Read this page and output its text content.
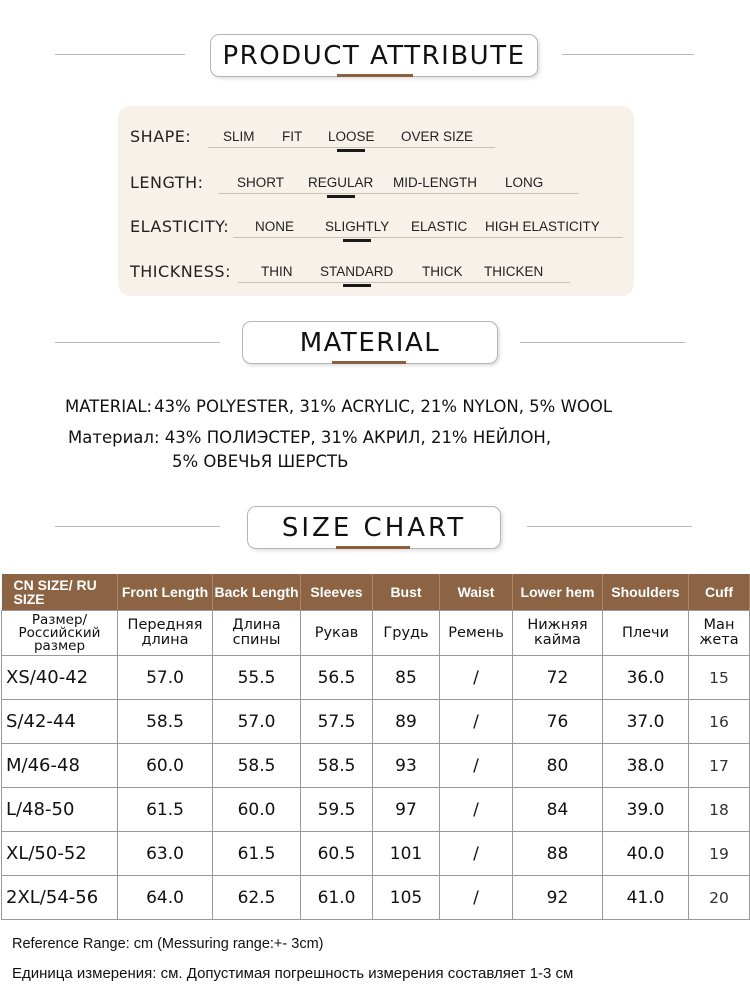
PRODUCT ATTRIBUTE
SHAPE: SLIM FIT LOOSE OVER SIZE
LENGTH: SHORT REGULAR MID-LENGTH LONG
ELASTICITY: NONE SLIGHTLY ELASTIC HIGH ELASTICITY
THICKNESS: THIN STANDARD THICK THICKEN
MATERIAL
MATERIAL: 43% POLYESTER, 31% ACRYLIC, 21% NYLON, 5% WOOL
Материал: 43% ПОЛИЭСТЕР, 31% АКРИЛ, 21% НЕЙЛОН,
5% ОВЕЧЬЯ ШЕРСТЬ
SIZE CHART
CN SIZE/ RU SIZE	Front Length	Back Length	Sleeves	Bust	Waist	Lower hem	Shoulders	Cuff
Размер/ Российский размер	Передняя длина	Длина спины	Рукав	Грудь	Ремень	Нижняя кайма	Плечи	Ман жета
XS/40-42	57.0	55.5	56.5	85	/	72	36.0	15
S/42-44	58.5	57.0	57.5	89	/	76	37.0	16
M/46-48	60.0	58.5	58.5	93	/	80	38.0	17
L/48-50	61.5	60.0	59.5	97	/	84	39.0	18
XL/50-52	63.0	61.5	60.5	101	/	88	40.0	19
2XL/54-56	64.0	62.5	61.0	105	/	92	41.0	20
Reference Range: cm (Messuring range:+- 3cm)
Единица измерения: см. Допустимая погрешность измерения составляет 1-3 см
